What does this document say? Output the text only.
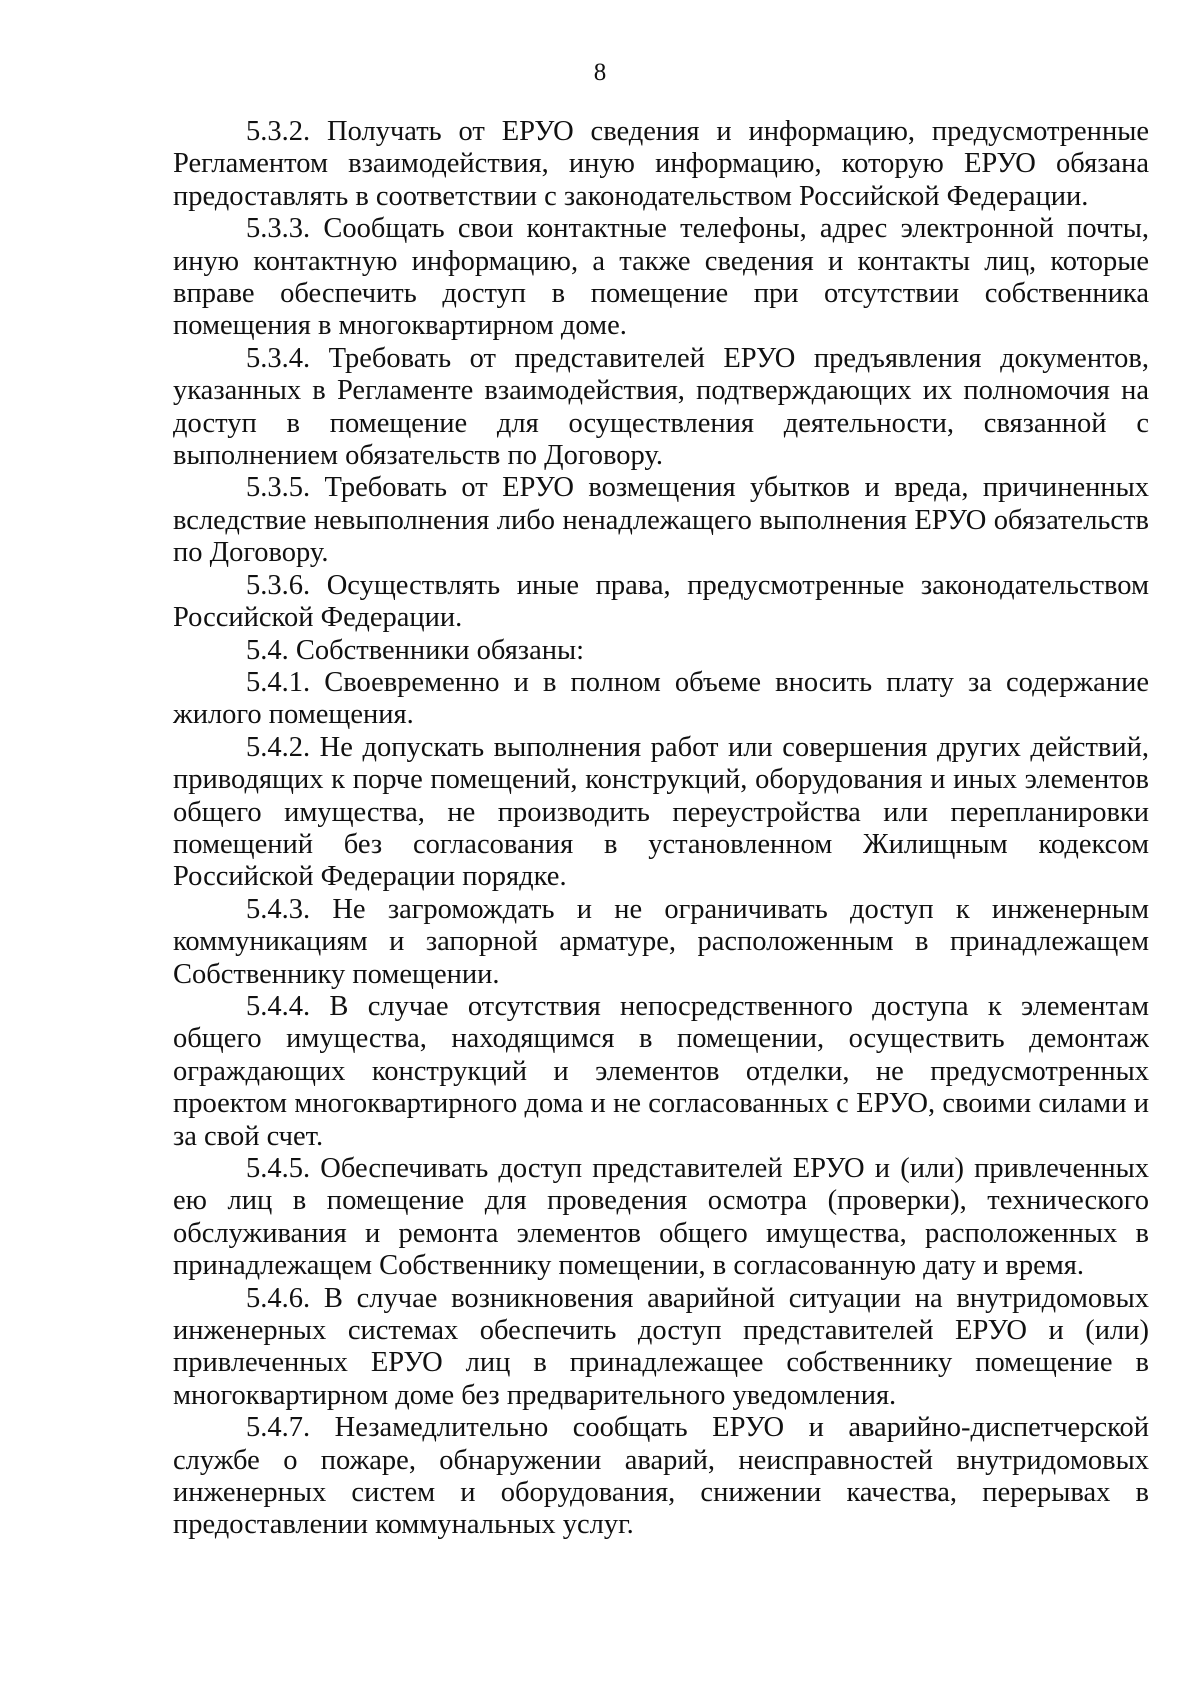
8

5.3.2. Получать от ЕРУО сведения и информацию, предусмотренные Регламентом взаимодействия, иную информацию, которую ЕРУО обязана предоставлять в соответствии с законодательством Российской Федерации.

5.3.3. Сообщать свои контактные телефоны, адрес электронной почты, иную контактную информацию, а также сведения и контакты лиц, которые вправе обеспечить доступ в помещение при отсутствии собственника помещения в многоквартирном доме.

5.3.4. Требовать от представителей ЕРУО предъявления документов, указанных в Регламенте взаимодействия, подтверждающих их полномочия на доступ в помещение для осуществления деятельности, связанной с выполнением обязательств по Договору.

5.3.5. Требовать от ЕРУО возмещения убытков и вреда, причиненных вследствие невыполнения либо ненадлежащего выполнения ЕРУО обязательств по Договору.

5.3.6. Осуществлять иные права, предусмотренные законодательством Российской Федерации.

5.4. Собственники обязаны:

5.4.1. Своевременно и в полном объеме вносить плату за содержание жилого помещения.

5.4.2. Не допускать выполнения работ или совершения других действий, приводящих к порче помещений, конструкций, оборудования и иных элементов общего имущества, не производить переустройства или перепланировки помещений без согласования в установленном Жилищным кодексом Российской Федерации порядке.

5.4.3. Не загромождать и не ограничивать доступ к инженерным коммуникациям и запорной арматуре, расположенным в принадлежащем Собственнику помещении.

5.4.4. В случае отсутствия непосредственного доступа к элементам общего имущества, находящимся в помещении, осуществить демонтаж ограждающих конструкций и элементов отделки, не предусмотренных проектом многоквартирного дома и не согласованных с ЕРУО, своими силами и за свой счет.

5.4.5. Обеспечивать доступ представителей ЕРУО и (или) привлеченных ею лиц в помещение для проведения осмотра (проверки), технического обслуживания и ремонта элементов общего имущества, расположенных в принадлежащем Собственнику помещении, в согласованную дату и время.

5.4.6. В случае возникновения аварийной ситуации на внутридомовых инженерных системах обеспечить доступ представителей ЕРУО и (или) привлеченных ЕРУО лиц в принадлежащее собственнику помещение в многоквартирном доме без предварительного уведомления.

5.4.7. Незамедлительно сообщать ЕРУО и аварийно-диспетчерской службе о пожаре, обнаружении аварий, неисправностей внутридомовых инженерных систем и оборудования, снижении качества, перерывах в предоставлении коммунальных услуг.
